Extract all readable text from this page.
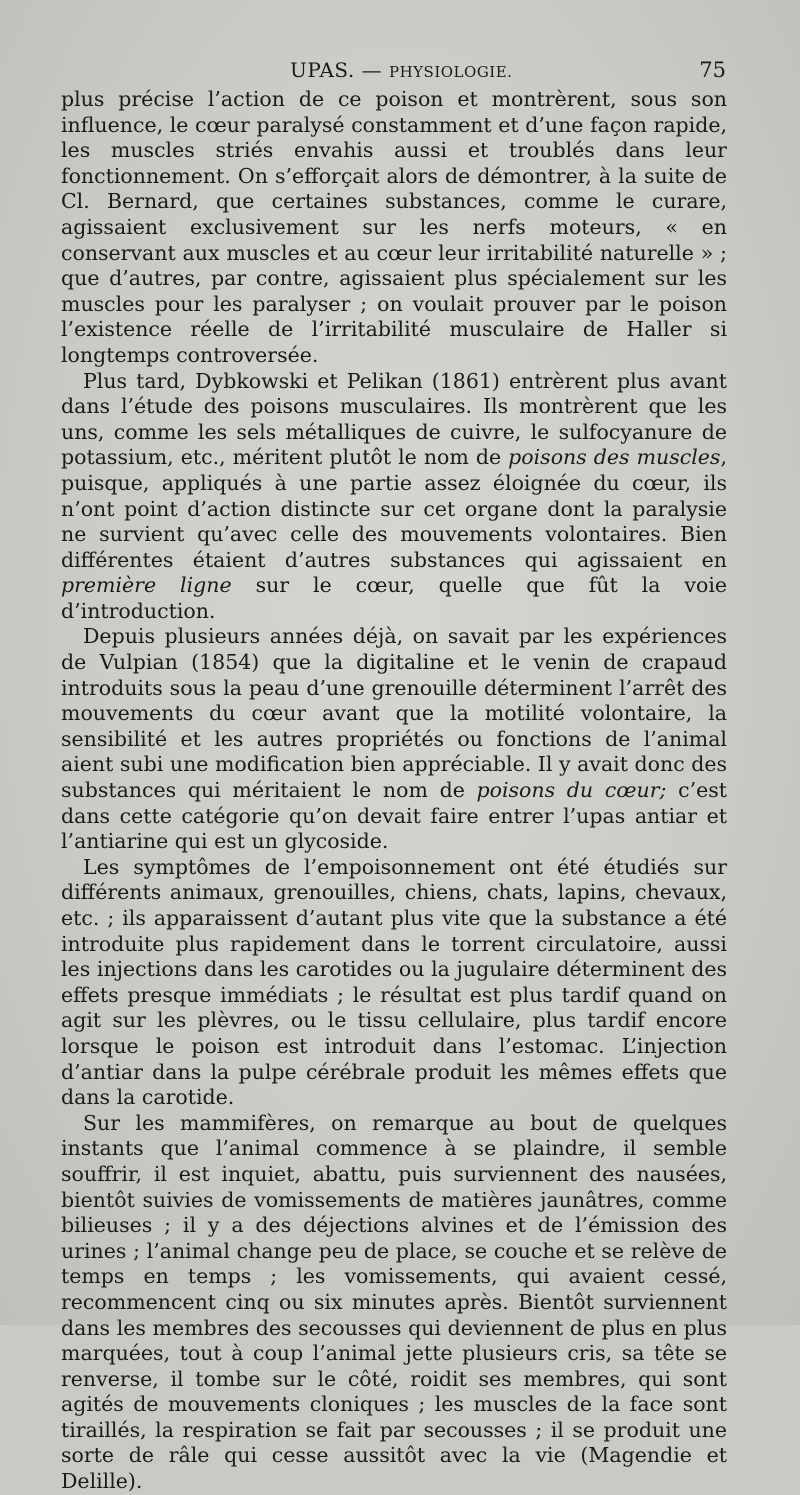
UPAS. — PHYSIOLOGIE.	75

plus précise l’action de ce poison et montrèrent, sous son influence, le cœur paralysé constamment et d’une façon rapide, les muscles striés envahis aussi et troublés dans leur fonctionnement. On s’efforçait alors de démontrer, à la suite de Cl. Bernard, que certaines substances, comme le curare, agissaient exclusivement sur les nerfs moteurs, « en conservant aux muscles et au cœur leur irritabilité naturelle » ; que d’autres, par contre, agissaient plus spécialement sur les muscles pour les paralyser ; on voulait prouver par le poison l’existence réelle de l’irritabilité musculaire de Haller si longtemps controversée.

Plus tard, Dybkowski et Pelikan (1861) entrèrent plus avant dans l’étude des poisons musculaires. Ils montrèrent que les uns, comme les sels métalliques de cuivre, le sulfocyanure de potassium, etc., méritent plutôt le nom de poisons des muscles, puisque, appliqués à une partie assez éloignée du cœur, ils n’ont point d’action distincte sur cet organe dont la paralysie ne survient qu’avec celle des mouvements volontaires. Bien différentes étaient d’autres substances qui agissaient en première ligne sur le cœur, quelle que fût la voie d’introduction.

Depuis plusieurs années déjà, on savait par les expériences de Vulpian (1854) que la digitaline et le venin de crapaud introduits sous la peau d’une grenouille déterminent l’arrêt des mouvements du cœur avant que la motilité volontaire, la sensibilité et les autres propriétés ou fonctions de l’animal aient subi une modification bien appréciable. Il y avait donc des substances qui méritaient le nom de poisons du cœur; c’est dans cette catégorie qu’on devait faire entrer l’upas antiar et l’antiarine qui est un glycoside.

Les symptômes de l’empoisonnement ont été étudiés sur différents animaux, grenouilles, chiens, chats, lapins, chevaux, etc. ; ils apparaissent d’autant plus vite que la substance a été introduite plus rapidement dans le torrent circulatoire, aussi les injections dans les carotides ou la jugulaire déterminent des effets presque immédiats ; le résultat est plus tardif quand on agit sur les plèvres, ou le tissu cellulaire, plus tardif encore lorsque le poison est introduit dans l’estomac. L’injection d’antiar dans la pulpe cérébrale produit les mêmes effets que dans la carotide.

Sur les mammifères, on remarque au bout de quelques instants que l’animal commence à se plaindre, il semble souffrir, il est inquiet, abattu, puis surviennent des nausées, bientôt suivies de vomissements de matières jaunâtres, comme bilieuses ; il y a des déjections alvines et de l’émission des urines ; l’animal change peu de place, se couche et se relève de temps en temps ; les vomissements, qui avaient cessé, recommencent cinq ou six minutes après. Bientôt surviennent dans les membres des secousses qui deviennent de plus en plus marquées, tout à coup l’animal jette plusieurs cris, sa tête se renverse, il tombe sur le côté, roidit ses membres, qui sont agités de mouvements cloniques ; les muscles de la face sont tiraillés, la respiration se fait par secousses ; il se produit une sorte de râle qui cesse aussitôt avec la vie (Magendie et Delille).
